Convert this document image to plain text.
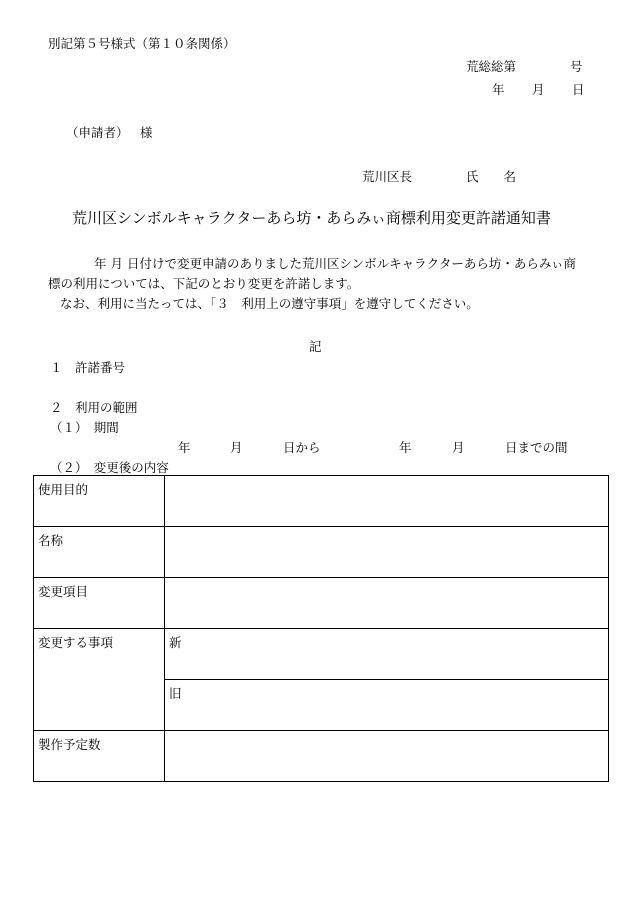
別記第５号様式（第１０条関係）
荒総総第	号
年 月 日
（申請者） 様
荒川区長	氏　　名
荒川区シンボルキャラクターあら坊・あらみぃ商標利用変更許諾通知書

年 月 日付けで変更申請のありました荒川区シンボルキャラクターあら坊・あらみぃ商標の利用については、下記のとおり変更を許諾します。

なお、利用に当たっては、「３　利用上の遵守事項」を遵守してください。

記
１　許諾番号
２　利用の範囲
（１）　期間
年	月	日から	年	月	日までの間
（２）　変更後の内容
使用目的	
名称	
変更項目	
変更する事項	新
	旧
製作予定数	
